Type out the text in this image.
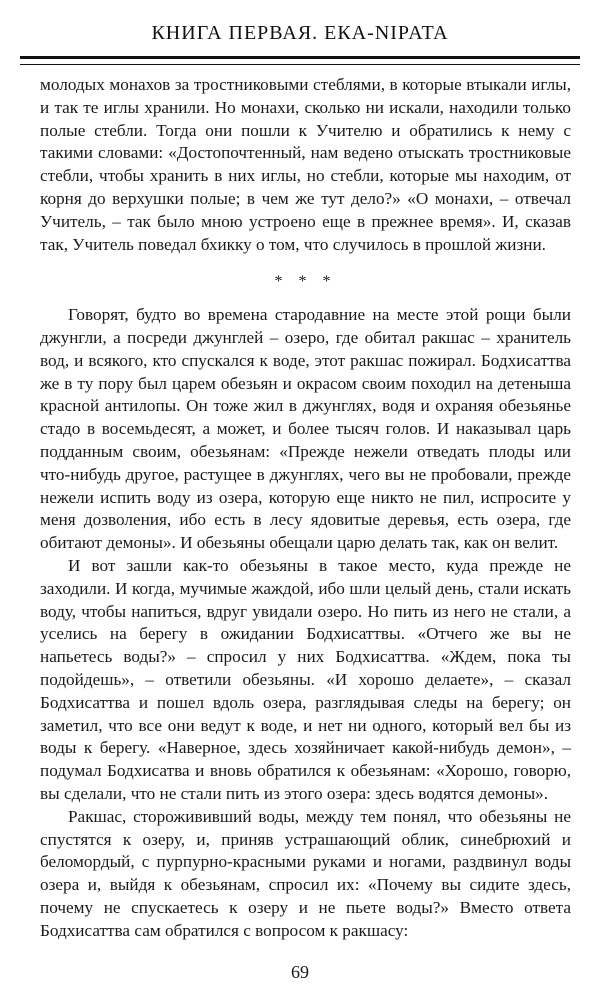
КНИГА ПЕРВАЯ. ЕКА-NIPATA

молодых монахов за тростниковыми стеблями, в которые втыкали иглы, и так те иглы хранили. Но монахи, сколько ни искали, находили только полые стебли. Тогда они пошли к Учителю и обратились к нему с такими словами: «Достопочтенный, нам ведено отыскать тростниковые стебли, чтобы хранить в них иглы, но стебли, которые мы находим, от корня до верхушки полые; в чем же тут дело?» «О монахи, – отвечал Учитель, – так было мною устроено еще в прежнее время». И, сказав так, Учитель поведал бхикку о том, что случилось в прошлой жизни.

* * *

Говорят, будто во времена стародавние на месте этой рощи были джунгли, а посреди джунглей – озеро, где обитал ракшас – хранитель вод, и всякого, кто спускался к воде, этот ракшас пожирал. Бодхисаттва же в ту пору был царем обезьян и окрасом своим походил на детеныша красной антилопы. Он тоже жил в джунглях, водя и охраняя обезьянье стадо в восемьдесят, а может, и более тысяч голов. И наказывал царь подданным своим, обезьянам: «Прежде нежели отведать плоды или что-нибудь другое, растущее в джунглях, чего вы не пробовали, прежде нежели испить воду из озера, которую еще никто не пил, испросите у меня дозволения, ибо есть в лесу ядовитые деревья, есть озера, где обитают демоны». И обезьяны обещали царю делать так, как он велит.

И вот зашли как-то обезьяны в такое место, куда прежде не заходили. И когда, мучимые жаждой, ибо шли целый день, стали искать воду, чтобы напиться, вдруг увидали озеро. Но пить из него не стали, а уселись на берегу в ожидании Бодхисаттвы. «Отчего же вы не напьетесь воды?» – спросил у них Бодхисаттва. «Ждем, пока ты подойдешь», – ответили обезьяны. «И хорошо делаете», – сказал Бодхисаттва и пошел вдоль озера, разглядывая следы на берегу; он заметил, что все они ведут к воде, и нет ни одного, который вел бы из воды к берегу. «Наверное, здесь хозяйничает какой-нибудь демон», – подумал Бодхисатва и вновь обратился к обезьянам: «Хорошо, говорю, вы сделали, что не стали пить из этого озера: здесь водятся демоны».

Ракшас, сторожививший воды, между тем понял, что обезьяны не спустятся к озеру, и, приняв устрашающий облик, синебрюхий и беломордый, с пурпурно-красными руками и ногами, раздвинул воды озера и, выйдя к обезьянам, спросил их: «Почему вы сидите здесь, почему не спускаетесь к озеру и не пьете воды?» Вместо ответа Бодхисаттва сам обратился с вопросом к ракшасу:

69
